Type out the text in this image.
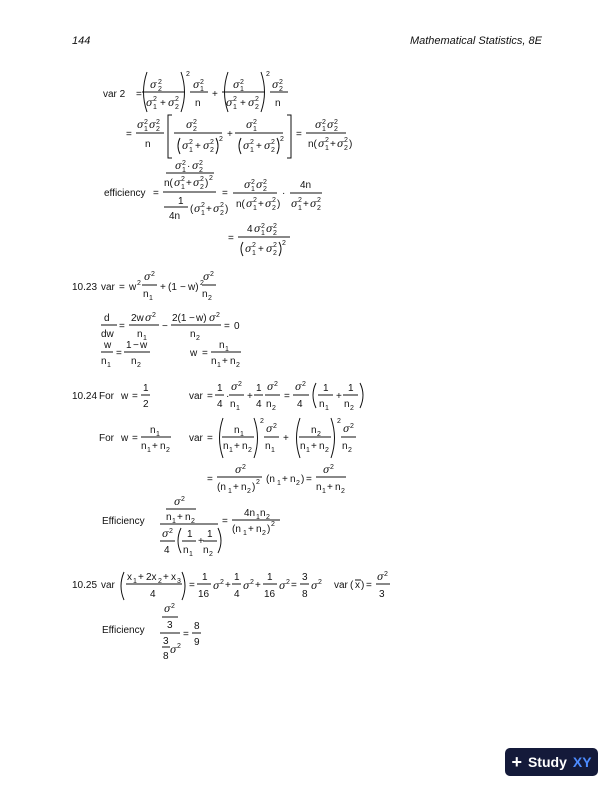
144	Mathematical Statistics, 8E
var 2 =
σ 2
2
σ 2
1 + σ 2
2
2
σ 2
1
n
+
σ 2
1
σ 2
1 + σ 2
2
2
σ 2
2
n
=
σ 2
1 σ 2
2
n
σ 2
2
σ 2
1 + σ 2
2
2 +
σ 2
1
σ 2
1 + σ 2
2
2 =
σ 2
1 σ 2
2
n( σ 2
1 + σ 2
2 )
efficiency =
σ 2
1 · σ 2
2
n( σ 2
1 + σ 2
2 ) 2
1
4n
( σ 2
1 + σ 2
2 )
=
σ 2
1 σ 2
2
n( σ 2
1 + σ 2
2 )
·
4n
σ 2
1 + σ 2
2
=
4 σ 2
1 σ 2
2
σ 2
1 + σ 2
2
2
10.23 var = w 2
σ 2
n 1
+ (1 − w) 2
σ 2
n 2
d
dw
=
2w σ 2
n 1
−
2(1 − w) σ 2
n 2
= 0
w
n 1
=
1 − w
n 2
w =
n 1
n 1 + n 2
10.24 For w =
1
2
var =
1
4
·
σ 2
n 1
+
1
4
σ 2
n 2
=
σ 2
4
1
n 1
+
1
n 2
For w =
n 1
n 1 + n 2
var =
n 1
n 1 + n 2
2
σ 2
n 1
+
n 2
n 1 + n 2
2
σ 2
n 2
=
σ 2
(n 1 + n 2 ) 2 (n 1 + n 2 ) =
σ 2
n 1 + n 2
Efficiency
σ 2
n 1 + n 2
σ 2
4
1
n 1
+
1
n 2
=
4n 1 n 2
(n 1 + n 2 ) 2
10.25 var
x 1 + 2x 2 + x 3
4
=
1
16
σ 2 +
1
4
σ 2 +
1
16
σ 2 =
3
8
σ 2 var ( x ) =
σ 2
3
Efficiency
σ 2
3
3
8
σ 2
=
8
9
+ Study XY
